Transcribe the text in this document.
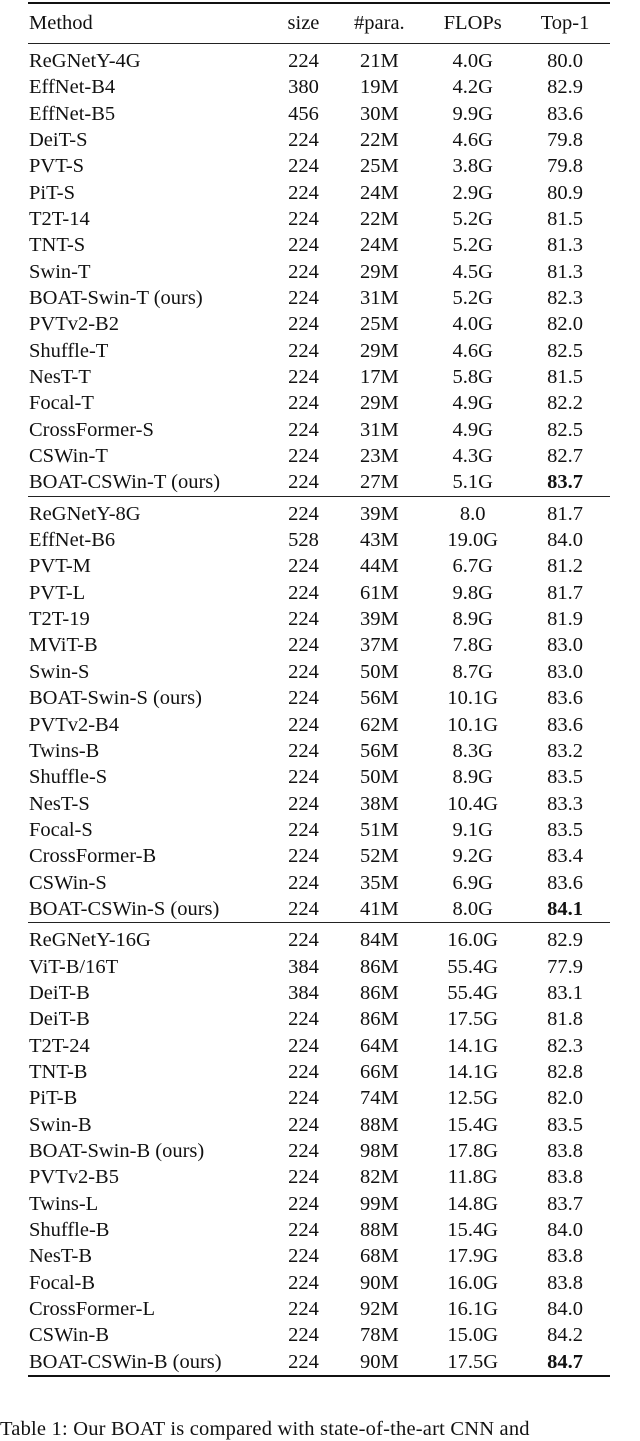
Method	size	#para.	FLOPs	Top-1
ReGNetY-4G	224	21M	4.0G	80.0
EffNet-B4	380	19M	4.2G	82.9
EffNet-B5	456	30M	9.9G	83.6
DeiT-S	224	22M	4.6G	79.8
PVT-S	224	25M	3.8G	79.8
PiT-S	224	24M	2.9G	80.9
T2T-14	224	22M	5.2G	81.5
TNT-S	224	24M	5.2G	81.3
Swin-T	224	29M	4.5G	81.3
BOAT-Swin-T (ours)	224	31M	5.2G	82.3
PVTv2-B2	224	25M	4.0G	82.0
Shuffle-T	224	29M	4.6G	82.5
NesT-T	224	17M	5.8G	81.5
Focal-T	224	29M	4.9G	82.2
CrossFormer-S	224	31M	4.9G	82.5
CSWin-T	224	23M	4.3G	82.7
BOAT-CSWin-T (ours)	224	27M	5.1G	83.7
ReGNetY-8G	224	39M	8.0	81.7
EffNet-B6	528	43M	19.0G	84.0
PVT-M	224	44M	6.7G	81.2
PVT-L	224	61M	9.8G	81.7
T2T-19	224	39M	8.9G	81.9
MViT-B	224	37M	7.8G	83.0
Swin-S	224	50M	8.7G	83.0
BOAT-Swin-S (ours)	224	56M	10.1G	83.6
PVTv2-B4	224	62M	10.1G	83.6
Twins-B	224	56M	8.3G	83.2
Shuffle-S	224	50M	8.9G	83.5
NesT-S	224	38M	10.4G	83.3
Focal-S	224	51M	9.1G	83.5
CrossFormer-B	224	52M	9.2G	83.4
CSWin-S	224	35M	6.9G	83.6
BOAT-CSWin-S (ours)	224	41M	8.0G	84.1
ReGNetY-16G	224	84M	16.0G	82.9
ViT-B/16T	384	86M	55.4G	77.9
DeiT-B	384	86M	55.4G	83.1
DeiT-B	224	86M	17.5G	81.8
T2T-24	224	64M	14.1G	82.3
TNT-B	224	66M	14.1G	82.8
PiT-B	224	74M	12.5G	82.0
Swin-B	224	88M	15.4G	83.5
BOAT-Swin-B (ours)	224	98M	17.8G	83.8
PVTv2-B5	224	82M	11.8G	83.8
Twins-L	224	99M	14.8G	83.7
Shuffle-B	224	88M	15.4G	84.0
NesT-B	224	68M	17.9G	83.8
Focal-B	224	90M	16.0G	83.8
CrossFormer-L	224	92M	16.1G	84.0
CSWin-B	224	78M	15.0G	84.2
BOAT-CSWin-B (ours)	224	90M	17.5G	84.7
Table 1: Our BOAT is compared with state-of-the-art CNN and
